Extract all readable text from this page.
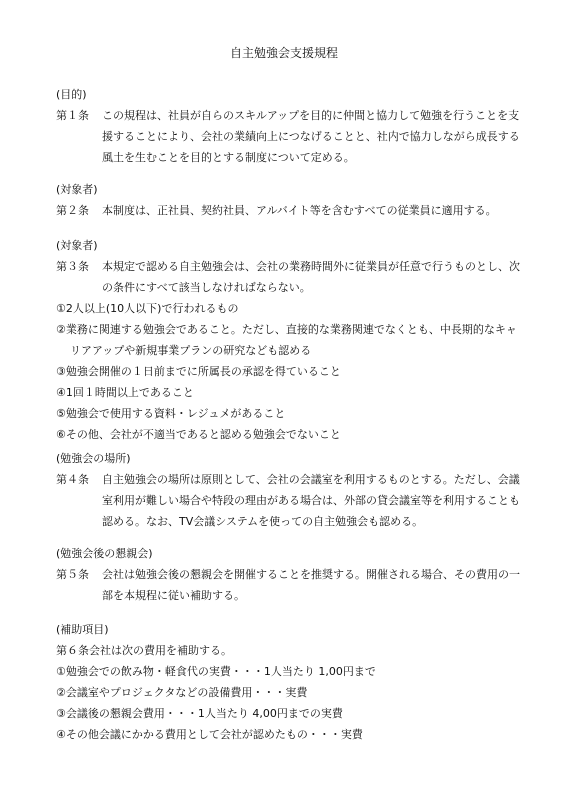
自主勉強会支援規程
(目的)
第１条 この規程は、社員が自らのスキルアップを目的に仲間と協力して勉強を行うことを支援することにより、会社の業績向上につなげることと、社内で協力しながら成長する風土を生むことを目的とする制度について定める。
(対象者)
第２条 本制度は、正社員、契約社員、アルバイト等を含むすべての従業員に適用する。
(対象者)
第３条 本規定で認める自主勉強会は、会社の業務時間外に従業員が任意で行うものとし、次の条件にすべて該当しなければならない。
①2人以上(10人以下)で行われるもの
②業務に関連する勉強会であること。ただし、直接的な業務関連でなくとも、中長期的なキャリアアップや新規事業プランの研究なども認める
③勉強会開催の１日前までに所属長の承認を得ていること
④1回１時間以上であること
⑤勉強会で使用する資料・レジュメがあること
⑥その他、会社が不適当であると認める勉強会でないこと
(勉強会の場所)
第４条 自主勉強会の場所は原則として、会社の会議室を利用するものとする。ただし、会議室利用が難しい場合や特段の理由がある場合は、外部の貸会議室等を利用することも認める。なお、TV会議システムを使っての自主勉強会も認める。
(勉強会後の懇親会)
第５条 会社は勉強会後の懇親会を開催することを推奨する。開催される場合、その費用の一部を本規程に従い補助する。
(補助項目)
第６条会社は次の費用を補助する。
①勉強会での飲み物・軽食代の実費・・・1人当たり 1,00円まで
②会議室やプロジェクタなどの設備費用・・・実費
③会議後の懇親会費用・・・1人当たり 4,00円までの実費
④その他会議にかかる費用として会社が認めたもの・・・実費
